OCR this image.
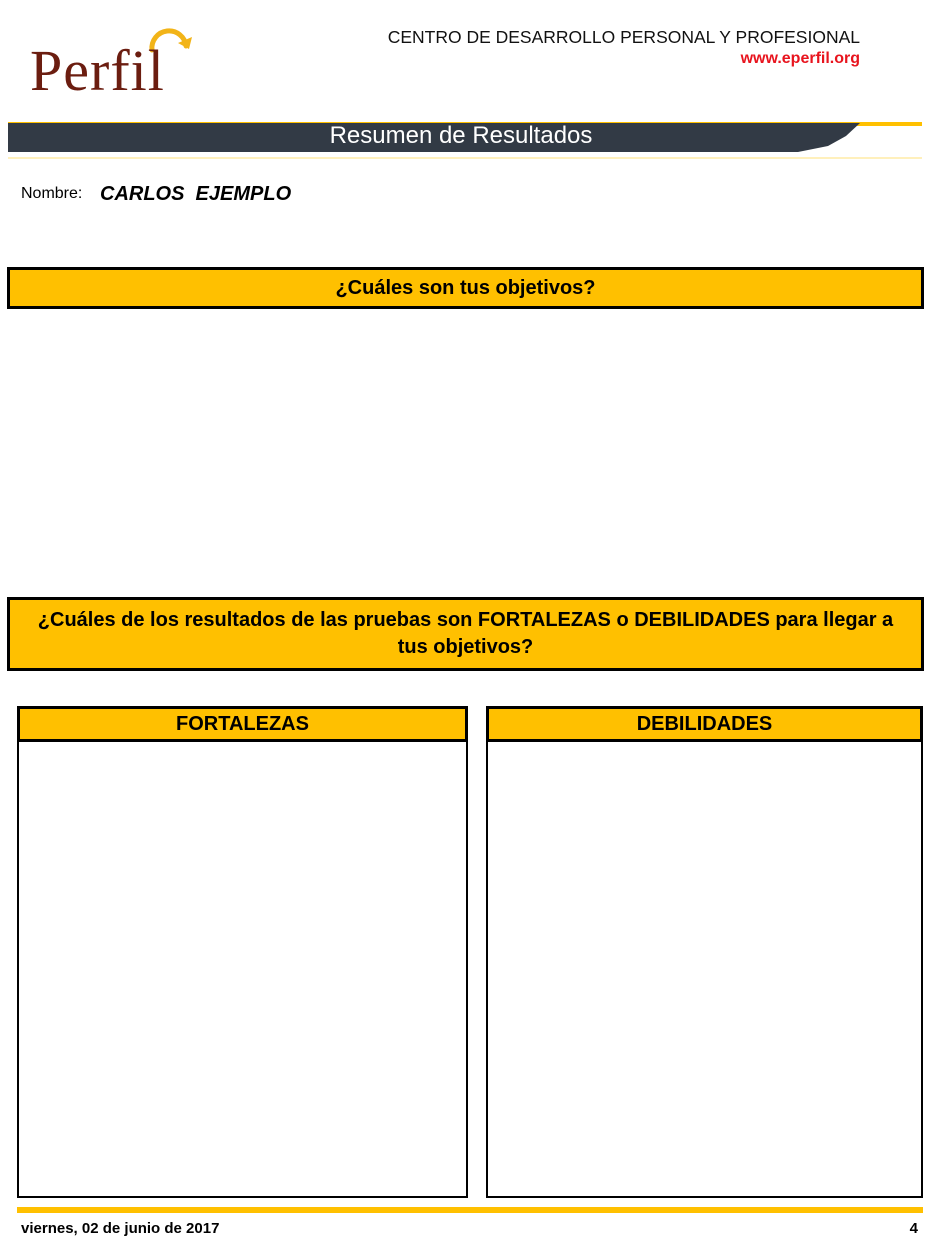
Perfil
CENTRO DE DESARROLLO PERSONAL Y PROFESIONAL
www.eperfil.org
Resumen de Resultados
Nombre: CARLOS  EJEMPLO
¿Cuáles son tus objetivos?
¿Cuáles de los resultados de las pruebas son FORTALEZAS o DEBILIDADES para llegar a tus objetivos?
FORTALEZAS	DEBILIDADES
viernes, 02 de junio de 2017	4
